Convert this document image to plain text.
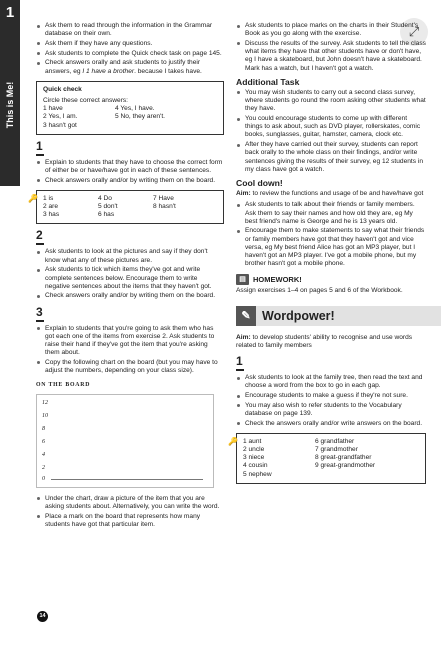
1
This is Me!
⤢
Ask them to read through the information in the Grammar database on their own.
Ask them if they have any questions.
Ask students to complete the Quick check task on page 145.
Check answers orally and ask students to justify their answers, eg I 1 have a brother. because I takes have.
Quick check
Circle these correct answers:
1 have	4 Yes, I have.
2 Yes, I am.	5 No, they aren't.
3 hasn't got
1
Explain to students that they have to choose the correct form of either be or have/have got in each of these sentences.
Check answers orally and/or by writing them on the board.
🔑 1 is	4 Do	7 Have
2 are	5 don't	8 hasn't
3 has	6 has
2
Ask students to look at the pictures and say if they don't know what any of these pictures are.
Ask students to tick which items they've got and write complete sentences below. Encourage them to write negative sentences about the items that they haven't got.
Check answers orally and/or by writing them on the board.
3
Explain to students that you're going to ask them who has got each one of the items from exercise 2. Ask students to raise their hand if they've got the item that you're asking them about.
Copy the following chart on the board (but you may have to adjust the numbers, depending on your class size).
ON THE BOARD
12
10
8
6
4
2
0
Under the chart, draw a picture of the item that you are asking students about. Alternatively, you can write the word.
Place a mark on the board that represents how many students have got that particular item.
14
Ask students to place marks on the charts in their Student's Book as you go along with the exercise.
Discuss the results of the survey. Ask students to tell the class what items they have that other students have or don't have, eg I have a skateboard, but John doesn't have a skateboard. Mark has a watch, but I haven't got a watch.
Additional Task
You may wish students to carry out a second class survey, where students go round the room asking other students what they have.
You could encourage students to come up with different things to ask about, such as DVD player, rollerskates, comic books, sunglasses, guitar, hamster, camera, clock etc.
After they have carried out their survey, students can report back orally to the whole class on their findings, and/or write sentences giving the results of their survey, eg 12 students in my class have got a watch.
Cool down!
Aim: to review the functions and usage of be and have/have got
Ask students to talk about their friends or family members. Ask them to say their names and how old they are, eg My best friend's name is George and he is 13 years old.
Encourage them to make statements to say what their friends or family members have got that they haven't got and vice versa, eg My best friend Alice has got an MP3 player, but I haven't got an MP3 player. I've got a mobile phone, but my brother hasn't got a mobile phone.
▤ HOMEWORK!
Assign exercises 1–4 on pages 5 and 6 of the Workbook.
✎ Wordpower!
Aim: to develop students' ability to recognise and use words related to family members
1
Ask students to look at the family tree, then read the text and choose a word from the box to go in each gap.
Encourage students to make a guess if they're not sure.
You may also wish to refer students to the Vocabulary database on page 139.
Check the answers orally and/or write answers on the board.
🔑 1 aunt	6 grandfather
2 uncle	7 grandmother
3 niece	8 great-grandfather
4 cousin	9 great-grandmother
5 nephew
